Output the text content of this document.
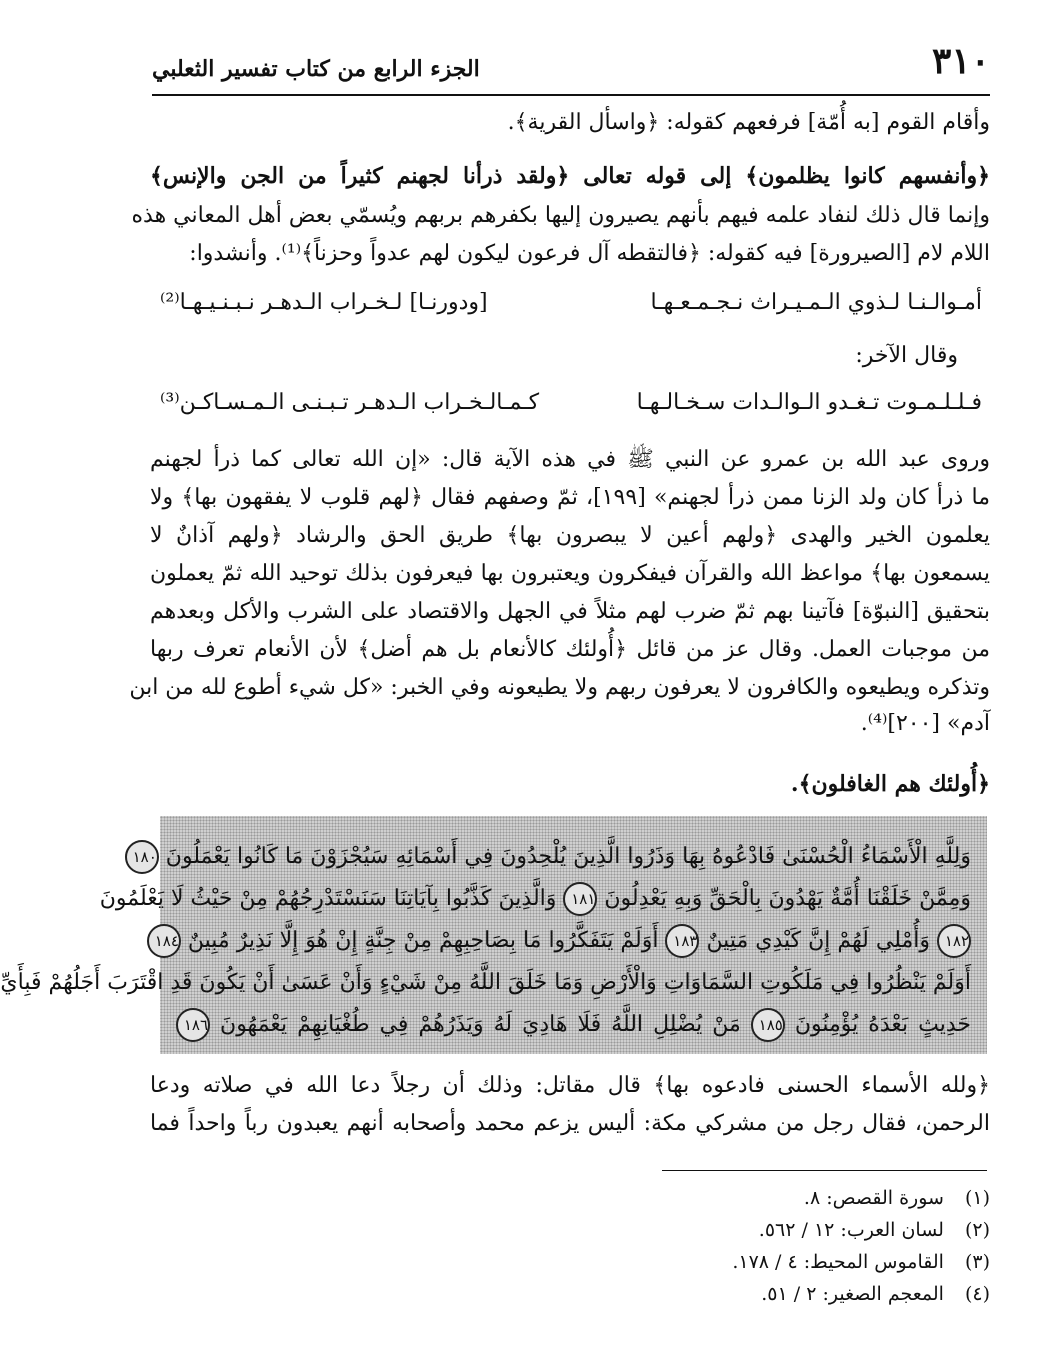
٣١٠
الجزء الرابع من كتاب تفسير الثعلبي
وأقام القوم [به أُمّة] فرفعهم كقوله: ﴿واسأل القرية﴾.
﴿وأنفسهم كانوا يظلمون﴾ إلى قوله تعالى ﴿ولقد ذرأنا لجهنم كثيراً من الجن والإنس﴾
وإنما قال ذلك لنفاد علمه فيهم بأنهم يصيرون إليها بكفرهم بربهم ويُسمّي بعض أهل المعاني هذه
اللام لام [الصيرورة] فيه كقوله: ﴿فالتقطه آل فرعون ليكون لهم عدواً وحزناً﴾⁽¹⁾. وأنشدوا:
أمـوالـنـا لـذوي الـمـيـراث نـجـمـعـهـا
[ودورنـا] لـخـراب الـدهـر نـبـنـيـهـا⁽²⁾
وقال الآخر:
فـلـلـمـوت تـغـدو الـوالـدات سـخـالـهـا
كـمـالـخـراب الـدهـر تـبـنـى الـمـسـاكـن⁽³⁾
وروى عبد الله بن عمرو عن النبي ﷺ في هذه الآية قال: «إن الله تعالى كما ذرأ لجهنم
ما ذرأ كان ولد الزنا ممن ذرأ لجهنم» [١٩٩]، ثمّ وصفهم فقال ﴿لهم قلوب لا يفقهون بها﴾ ولا
يعلمون الخير والهدى ﴿ولهم أعين لا يبصرون بها﴾ طريق الحق والرشاد ﴿ولهم آذانٌ لا
يسمعون بها﴾ مواعظ الله والقرآن فيفكرون ويعتبرون بها فيعرفون بذلك توحيد الله ثمّ يعملون
بتحقيق [النبوّة] فآتينا بهم ثمّ ضرب لهم مثلاً في الجهل والاقتصاد على الشرب والأكل وبعدهم
من موجبات العمل. وقال عز من قائل ﴿أُولئك كالأنعام بل هم أضل﴾ لأن الأنعام تعرف ربها
وتذكره ويطيعوه والكافرون لا يعرفون ربهم ولا يطيعونه وفي الخبر: «كل شيء أطوع لله من ابن
آدم» [٢٠٠]⁽⁴⁾.
﴿أُولئك هم الغافلون﴾.
وَلِلَّهِ الْأَسْمَاءُ الْحُسْنَىٰ فَادْعُوهُ بِهَا وَذَرُوا الَّذِينَ يُلْحِدُونَ فِي أَسْمَائِهِ سَيُجْزَوْنَ مَا كَانُوا يَعْمَلُونَ ١٨٠
وَمِمَّنْ خَلَقْنَا أُمَّةٌ يَهْدُونَ بِالْحَقِّ وَبِهِ يَعْدِلُونَ ١٨١ وَالَّذِينَ كَذَّبُوا بِآيَاتِنَا سَنَسْتَدْرِجُهُمْ مِنْ حَيْثُ لَا يَعْلَمُونَ
١٨٢ وَأُمْلِي لَهُمْ إِنَّ كَيْدِي مَتِينٌ ١٨٣ أَوَلَمْ يَتَفَكَّرُوا مَا بِصَاحِبِهِمْ مِنْ جِنَّةٍ إِنْ هُوَ إِلَّا نَذِيرٌ مُبِينٌ ١٨٤
أَوَلَمْ يَنْظُرُوا فِي مَلَكُوتِ السَّمَاوَاتِ وَالْأَرْضِ وَمَا خَلَقَ اللَّهُ مِنْ شَيْءٍ وَأَنْ عَسَىٰ أَنْ يَكُونَ قَدِ اقْتَرَبَ أَجَلُهُمْ فَبِأَيِّ
حَدِيثٍ بَعْدَهُ يُؤْمِنُونَ ١٨٥ مَنْ يُضْلِلِ اللَّهُ فَلَا هَادِيَ لَهُ وَيَذَرُهُمْ فِي طُغْيَانِهِمْ يَعْمَهُونَ ١٨٦
﴿ولله الأسماء الحسنى فادعوه بها﴾ قال مقاتل: وذلك أن رجلاً دعا الله في صلاته ودعا
الرحمن، فقال رجل من مشركي مكة: أليس يزعم محمد وأصحابه أنهم يعبدون رباً واحداً فما
(١) سورة القصص: ٨.
(٢) لسان العرب: ١٢ / ٥٦٢.
(٣) القاموس المحيط: ٤ / ١٧٨.
(٤) المعجم الصغير: ٢ / ٥١.
